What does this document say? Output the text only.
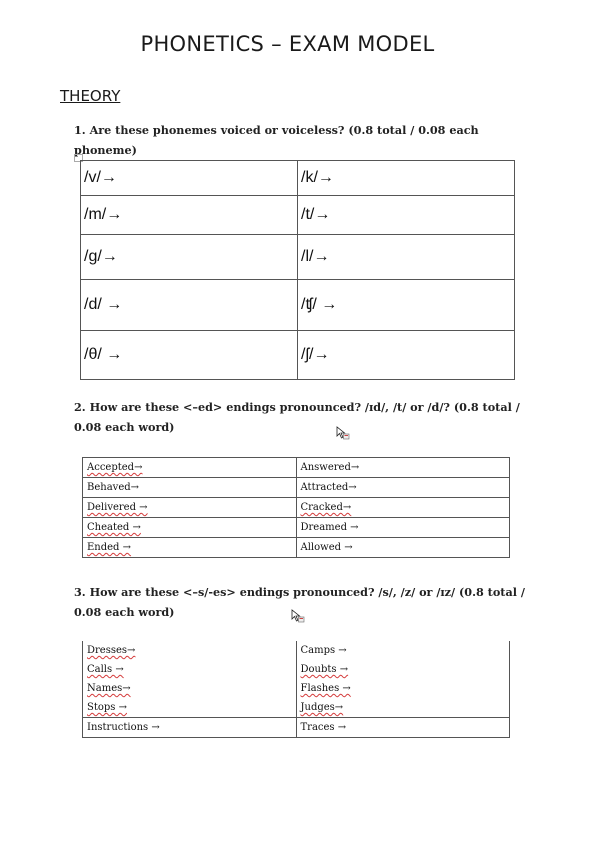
PHONETICS – EXAM MODEL
THEORY
1. Are these phonemes voiced or voiceless? (0.8 total / 0.08 each phoneme)
/v/→	/k/→
/m/→	/t/→
/g/→	/l/→
/d/ →	/ʧ/ →
/θ/ →	/ʃ/→
2. How are these <–ed> endings pronounced? /ɪd/, /t/ or /d/? (0.8 total / 0.08 each word)
Accepted→	Answered→
Behaved→	Attracted→
Delivered →	Cracked→
Cheated →	Dreamed →
Ended →	Allowed →
3. How are these <–s/-es> endings pronounced? /s/, /z/ or /ɪz/ (0.8 total / 0.08 each word)
Dresses→	Camps →
Calls →	Doubts →
Names→	Flashes →
Stops →	Judges→
Instructions →	Traces →
